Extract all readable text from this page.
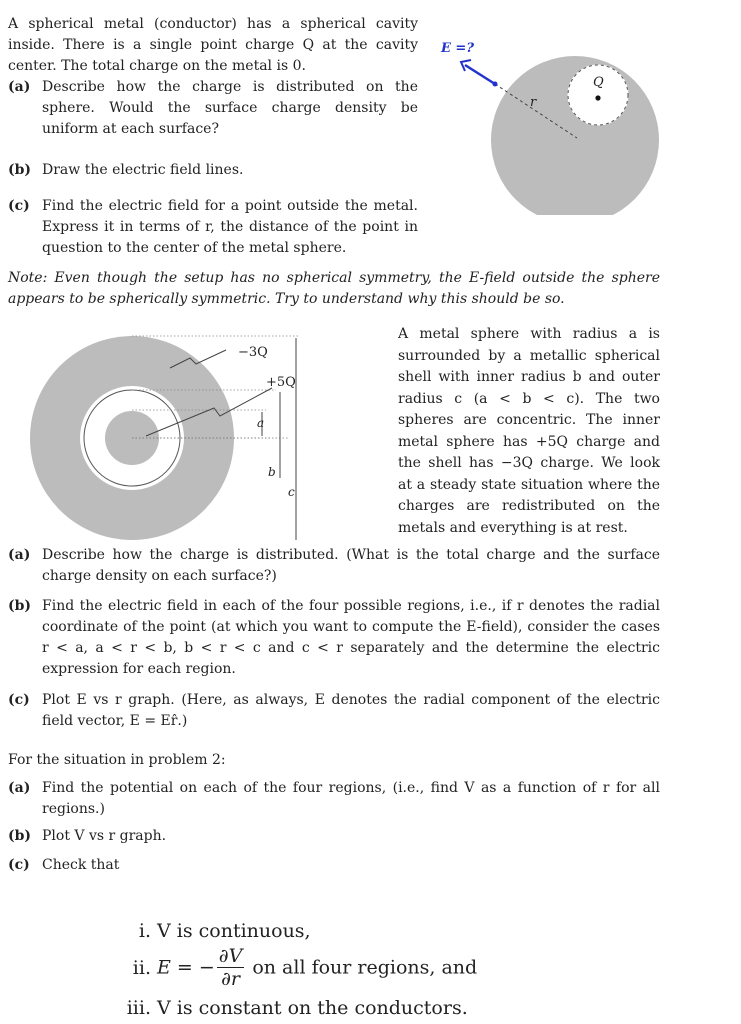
A spherical metal (conductor) has a spherical cavity inside. There is a single point charge Q at the cavity center. The total charge on the metal is 0.
(a) Describe how the charge is distributed on the sphere. Would the surface charge density be uniform at each surface?
(b) Draw the electric field lines.
(c) Find the electric field for a point outside the metal. Express it in terms of r, the distance of the point in question to the center of the metal sphere.
Q
r
E =?
Note: Even though the setup has no spherical symmetry, the E-field outside the sphere appears to be spherically symmetric. Try to understand why this should be so.
a
b
c
−3Q
+5Q
A metal sphere with radius a is surrounded by a metallic spherical shell with inner radius b and outer radius c (a < b < c). The two spheres are concentric. The inner metal sphere has +5Q charge and the shell has −3Q charge. We look at a steady state situation where the charges are redistributed on the metals and everything is at rest.
(a) Describe how the charge is distributed. (What is the total charge and the surface charge density on each surface?)
(b) Find the electric field in each of the four possible regions, i.e., if r denotes the radial coordinate of the point (at which you want to compute the E-field), consider the cases r < a, a < r < b, b < r < c and c < r separately and the determine the electric expression for each region.
(c) Plot E vs r graph. (Here, as always, E denotes the radial component of the electric field vector, E = Er̂.)
For the situation in problem 2:
(a) Find the potential on each of the four regions, (i.e., find V as a function of r for all regions.)
(b) Plot V vs r graph.
(c) Check that
i. V is continuous,
ii. E = − $\frac{\partial V}{\partial r}$ on all four regions, and
iii. V is constant on the conductors.
